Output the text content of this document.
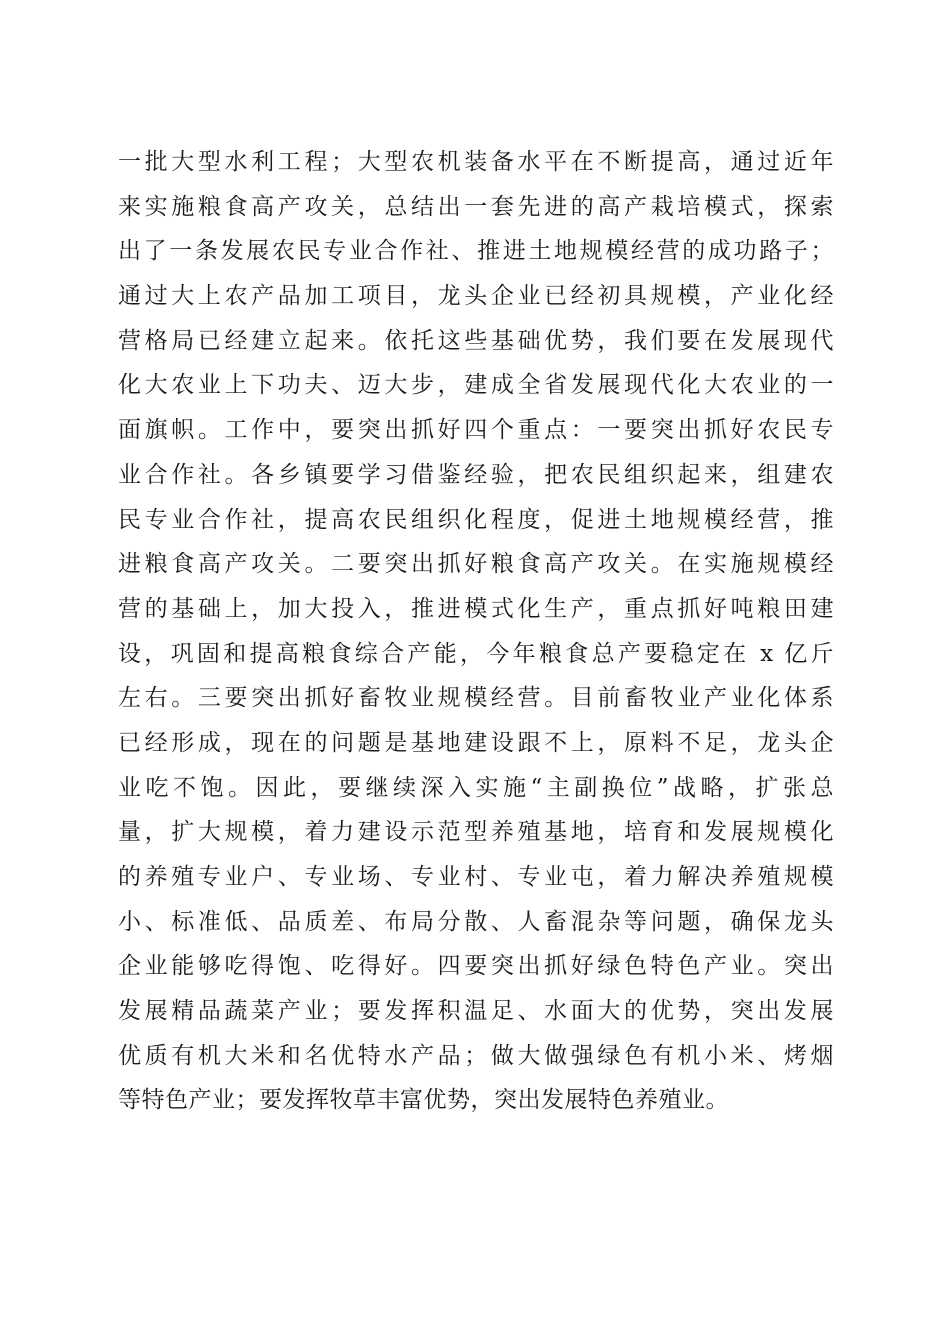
一批大型水利工程；大型农机装备水平在不断提高，通过近年
来实施粮食高产攻关，总结出一套先进的高产栽培模式，探索
出了一条发展农民专业合作社、推进土地规模经营的成功路子；
通过大上农产品加工项目，龙头企业已经初具规模，产业化经
营格局已经建立起来。依托这些基础优势，我们要在发展现代
化大农业上下功夫、迈大步，建成全省发展现代化大农业的一
面旗帜。工作中，要突出抓好四个重点：一要突出抓好农民专
业合作社。各乡镇要学习借鉴经验，把农民组织起来，组建农
民专业合作社，提高农民组织化程度，促进土地规模经营，推
进粮食高产攻关。二要突出抓好粮食高产攻关。在实施规模经
营的基础上，加大投入，推进模式化生产，重点抓好吨粮田建
设，巩固和提高粮食综合产能，今年粮食总产要稳定在 x 亿斤
左右。三要突出抓好畜牧业规模经营。目前畜牧业产业化体系
已经形成，现在的问题是基地建设跟不上，原料不足，龙头企
业吃不饱。因此，要继续深入实施“主副换位”战略，扩张总
量，扩大规模，着力建设示范型养殖基地，培育和发展规模化
的养殖专业户、专业场、专业村、专业屯，着力解决养殖规模
小、标准低、品质差、布局分散、人畜混杂等问题，确保龙头
企业能够吃得饱、吃得好。四要突出抓好绿色特色产业。突出
发展精品蔬菜产业；要发挥积温足、水面大的优势，突出发展
优质有机大米和名优特水产品；做大做强绿色有机小米、烤烟
等特色产业；要发挥牧草丰富优势，突出发展特色养殖业。
